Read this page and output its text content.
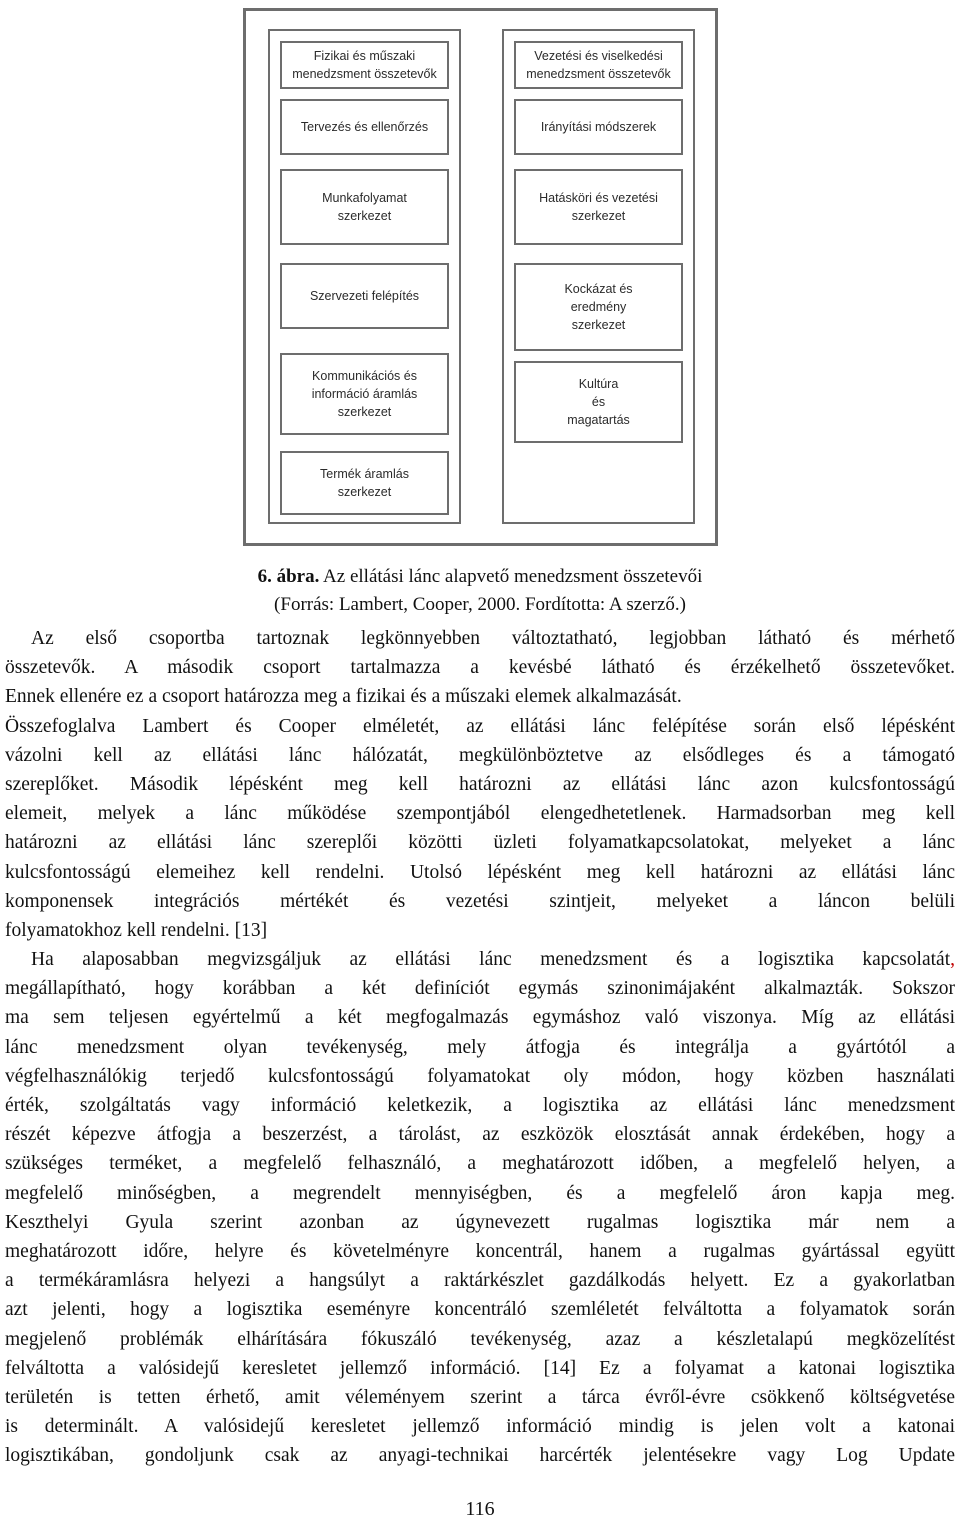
Fizikai és műszaki
menedzsment összetevők
Tervezés és ellenőrzés
Munkafolyamat
szerkezet
Szervezeti felépítés
Kommunikációs és
információ áramlás
szerkezet
Termék áramlás
szerkezet
Vezetési és viselkedési
menedzsment összetevők
Irányítási módszerek
Hatásköri és vezetési
szerkezet
Kockázat és
eredmény
szerkezet
Kultúra
és
magatartás
6. ábra. Az ellátási lánc alapvető menedzsment összetevői
(Forrás: Lambert, Cooper, 2000. Fordította: A szerző.)
Az első csoportba tartoznak legkönnyebben változtatható, legjobban látható és mérhető
összetevők. A második csoport tartalmazza a kevésbé látható és érzékelhető összetevőket.
Ennek ellenére ez a csoport határozza meg a fizikai és a műszaki elemek alkalmazását.
Összefoglalva Lambert és Cooper elméletét, az ellátási lánc felépítése során első lépésként
vázolni kell az ellátási lánc hálózatát, megkülönböztetve az elsődleges és a támogató
szereplőket. Második lépésként meg kell határozni az ellátási lánc azon kulcsfontosságú
elemeit, melyek a lánc működése szempontjából elengedhetetlenek. Harmadsorban meg kell
határozni az ellátási lánc szereplői közötti üzleti folyamatkapcsolatokat, melyeket a lánc
kulcsfontosságú elemeihez kell rendelni. Utolsó lépésként meg kell határozni az ellátási lánc
komponensek integrációs mértékét és vezetési szintjeit, melyeket a láncon belüli
folyamatokhoz kell rendelni. [13]
Ha alaposabban megvizsgáljuk az ellátási lánc menedzsment és a logisztika kapcsolatát,
megállapítható, hogy korábban a két definíciót egymás szinonimájaként alkalmazták. Sokszor
ma sem teljesen egyértelmű a két megfogalmazás egymáshoz való viszonya. Míg az ellátási
lánc menedzsment olyan tevékenység, mely átfogja és integrálja a gyártótól a
végfelhasználókig terjedő kulcsfontosságú folyamatokat oly módon, hogy közben használati
érték, szolgáltatás vagy információ keletkezik, a logisztika az ellátási lánc menedzsment
részét képezve átfogja a beszerzést, a tárolást, az eszközök elosztását annak érdekében, hogy a
szükséges terméket, a megfelelő felhasználó, a meghatározott időben, a megfelelő helyen, a
megfelelő minőségben, a megrendelt mennyiségben, és a megfelelő áron kapja meg.
Keszthelyi Gyula szerint azonban az úgynevezett rugalmas logisztika már nem a
meghatározott időre, helyre és követelményre koncentrál, hanem a rugalmas gyártással együtt
a termékáramlásra helyezi a hangsúlyt a raktárkészlet gazdálkodás helyett. Ez a gyakorlatban
azt jelenti, hogy a logisztika eseményre koncentráló szemléletét felváltotta a folyamatok során
megjelenő problémák elhárítására fókuszáló tevékenység, azaz a készletalapú megközelítést
felváltotta a valósidejű keresletet jellemző információ. [14] Ez a folyamat a katonai logisztika
területén is tetten érhető, amit véleményem szerint a tárca évről-évre csökkenő költségvetése
is determinált. A valósidejű keresletet jellemző információ mindig is jelen volt a katonai
logisztikában, gondoljunk csak az anyagi-technikai harcérték jelentésekre vagy Log Update
116
